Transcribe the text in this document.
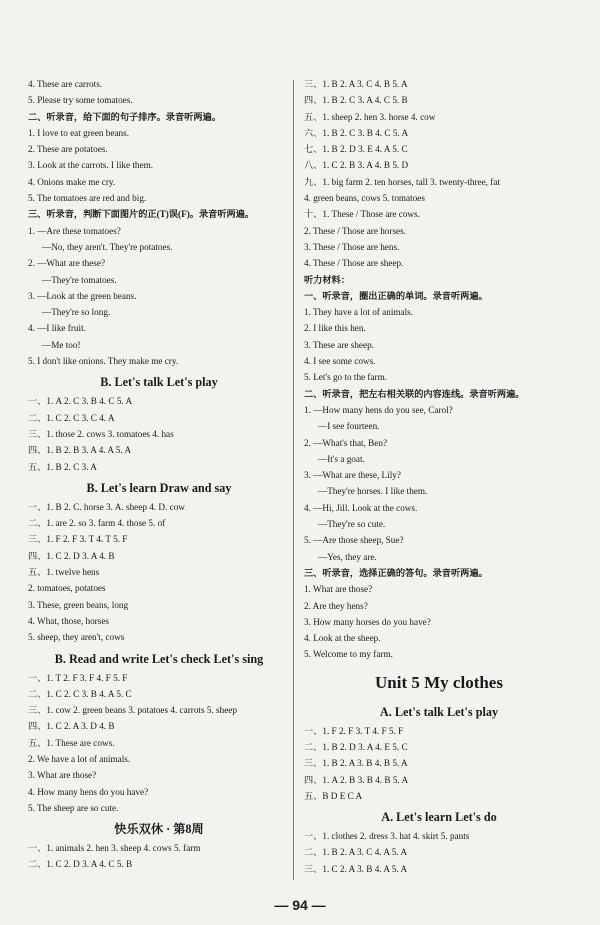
4. These are carrots.
5. Please try some tomatoes.
二、听录音，给下面的句子排序。录音听两遍。
1. I love to eat green beans.
2. These are potatoes.
3. Look at the carrots. I like them.
4. Onions make me cry.
5. The tomatoes are red and big.
三、听录音，判断下面图片的正(T)误(F)。录音听两遍。
1. —Are these tomatoes?
—No, they aren't. They're potatoes.
2. —What are these?
—They're tomatoes.
3. —Look at the green beans.
—They're so long.
4. —I like fruit.
—Me too!
5. I don't like onions. They make me cry.
B. Let's talk Let's play
一、1. A 2. C 3. B 4. C 5. A
二、1. C 2. C 3. C 4. A
三、1. those 2. cows 3. tomatoes 4. has
四、1. B 2. B 3. A 4. A 5. A
五、1. B 2. C 3. A
B. Let's learn Draw and say
一、1. B 2. C. horse 3. A. sheep 4. D. cow
二、1. are 2. so 3. farm 4. those 5. of
三、1. F 2. F 3. T 4. T 5. F
四、1. C 2. D 3. A 4. B
五、1. twelve hens
2. tomatoes, potatoes
3. These, green beans, long
4. What, those, horses
5. sheep, they aren't, cows
B. Read and write Let's check Let's sing
一、1. T 2. F 3. F 4. F 5. F
二、1. C 2. C 3. B 4. A 5. C
三、1. cow 2. green beans 3. potatoes 4. carrots 5. sheep
四、1. C 2. A 3. D 4. B
五、1. These are cows.
2. We have a lot of animals.
3. What are those?
4. How many hens do you have?
5. The sheep are so cute.
快乐双休 · 第8周
一、1. animals 2. hen 3. sheep 4. cows 5. farm
二、1. C 2. D 3. A 4. C 5. B
三、1. B 2. A 3. C 4. B 5. A
四、1. B 2. C 3. A 4. C 5. B
五、1. sheep 2. hen 3. horse 4. cow
六、1. B 2. C 3. B 4. C 5. A
七、1. B 2. D 3. E 4. A 5. C
八、1. C 2. B 3. A 4. B 5. D
九、1. big farm 2. ten horses, tall 3. twenty-three, fat
4. green beans, cows 5. tomatoes
十、1. These / Those are cows.
2. These / Those are horses.
3. These / Those are hens.
4. These / Those are sheep.
听力材料：
一、听录音，圈出正确的单词。录音听两遍。
1. They have a lot of animals.
2. I like this hen.
3. These are sheep.
4. I see some cows.
5. Let's go to the farm.
二、听录音，把左右相关联的内容连线。录音听两遍。
1. —How many hens do you see, Carol?
—I see fourteen.
2. —What's that, Ben?
—It's a goat.
3. —What are these, Lily?
—They're horses. I like them.
4. —Hi, Jill. Look at the cows.
—They're so cute.
5. —Are those sheep, Sue?
—Yes, they are.
三、听录音，选择正确的答句。录音听两遍。
1. What are those?
2. Are they hens?
3. How many horses do you have?
4. Look at the sheep.
5. Welcome to my farm.
Unit 5 My clothes
A. Let's talk Let's play
一、1. F 2. F 3. T 4. F 5. F
二、1. B 2. D 3. A 4. E 5. C
三、1. B 2. A 3. B 4. B 5. A
四、1. A 2. B 3. B 4. B 5. A
五、B D E C A
A. Let's learn Let's do
一、1. clothes 2. dress 3. hat 4. skirt 5. pants
二、1. B 2. A 3. C 4. A 5. A
三、1. C 2. A 3. B 4. A 5. A
— 94 —
